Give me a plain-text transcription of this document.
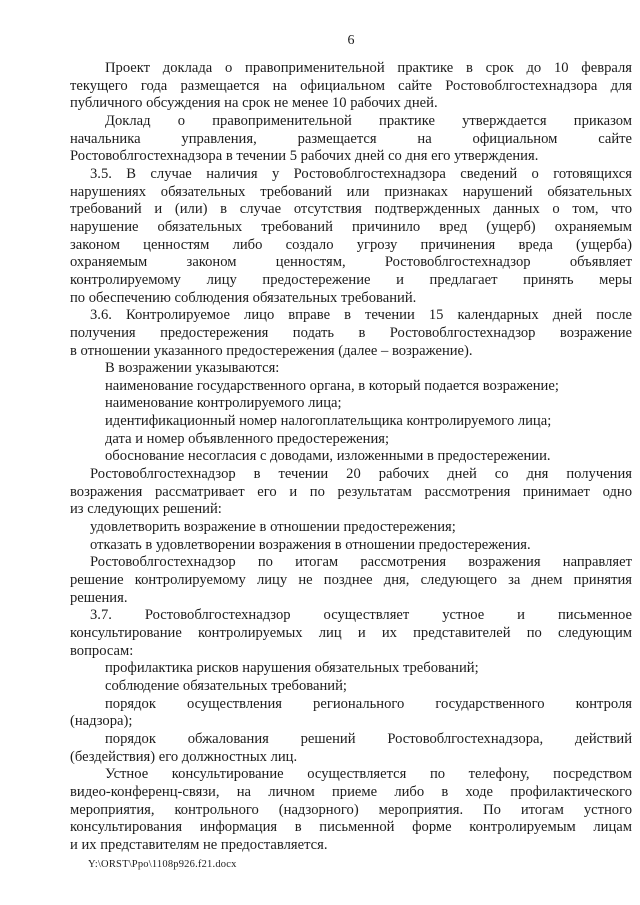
6
Проект доклада о правоприменительной практике в срок до 10 февраля
текущего года размещается на официальном сайте Ростовоблгостехнадзора для
публичного обсуждения на срок не менее 10 рабочих дней.
Доклад о правоприменительной практике утверждается приказом
начальника управления, размещается на официальном сайте
Ростовоблгостехнадзора в течении 5 рабочих дней со дня его утверждения.
3.5. В случае наличия у Ростовоблгостехнадзора сведений о готовящихся
нарушениях обязательных требований или признаках нарушений обязательных
требований и (или) в случае отсутствия подтвержденных данных о том, что
нарушение обязательных требований причинило вред (ущерб) охраняемым
законом ценностям либо создало угрозу причинения вреда (ущерба)
охраняемым законом ценностям, Ростовоблгостехнадзор объявляет
контролируемому лицу предостережение и предлагает принять меры
по обеспечению соблюдения обязательных требований.
3.6. Контролируемое лицо вправе в течении 15 календарных дней после
получения предостережения подать в Ростовоблгостехнадзор возражение
в отношении указанного предостережения (далее – возражение).
В возражении указываются:
наименование государственного органа, в который подается возражение;
наименование контролируемого лица;
идентификационный номер налогоплательщика контролируемого лица;
дата и номер объявленного предостережения;
обоснование несогласия с доводами, изложенными в предостережении.
Ростовоблгостехнадзор в течении 20 рабочих дней со дня получения
возражения рассматривает его и по результатам рассмотрения принимает одно
из следующих решений:
удовлетворить возражение в отношении предостережения;
отказать в удовлетворении возражения в отношении предостережения.
Ростовоблгостехнадзор по итогам рассмотрения возражения направляет
решение контролируемому лицу не позднее дня, следующего за днем принятия
решения.
3.7. Ростовоблгостехнадзор осуществляет устное и письменное
консультирование контролируемых лиц и их представителей по следующим
вопросам:
профилактика рисков нарушения обязательных требований;
соблюдение обязательных требований;
порядок осуществления регионального государственного контроля
(надзора);
порядок обжалования решений Ростовоблгостехнадзора, действий
(бездействия) его должностных лиц.
Устное консультирование осуществляется по телефону, посредством
видео-конференц-связи, на личном приеме либо в ходе профилактического
мероприятия, контрольного (надзорного) мероприятия. По итогам устного
консультирования информация в письменной форме контролируемым лицам
и их представителям не предоставляется.
Y:\ORST\Ppo\1108p926.f21.docx
